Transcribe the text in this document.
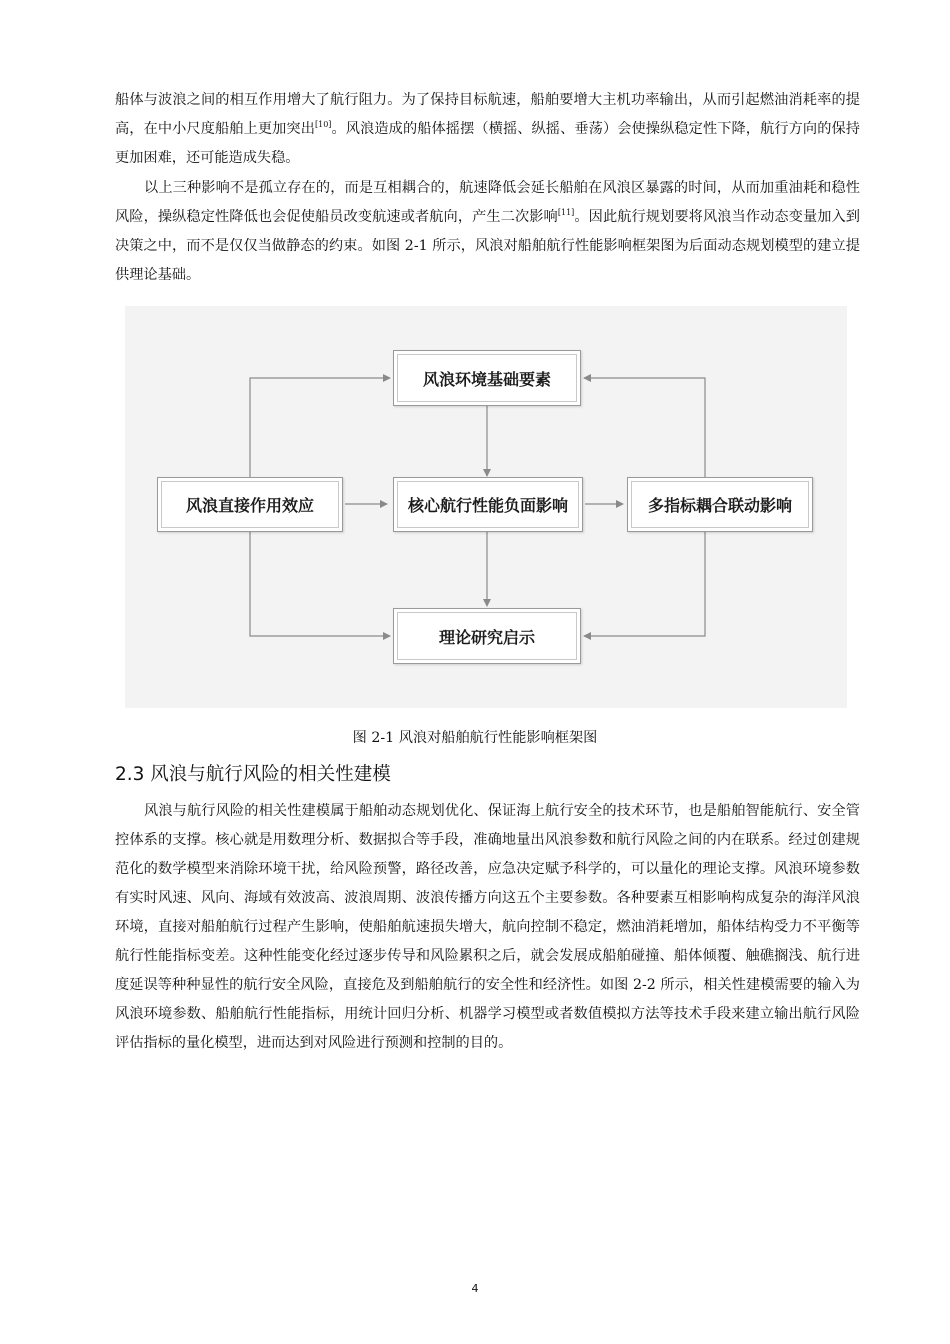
船体与波浪之间的相互作用增大了航行阻力。为了保持目标航速，船舶要增大主机功率输出，从而引起燃油消耗率的提高，在中小尺度船舶上更加突出[10]。风浪造成的船体摇摆（横摇、纵摇、垂荡）会使操纵稳定性下降，航行方向的保持更加困难，还可能造成失稳。

以上三种影响不是孤立存在的，而是互相耦合的，航速降低会延长船舶在风浪区暴露的时间，从而加重油耗和稳性风险，操纵稳定性降低也会促使船员改变航速或者航向，产生二次影响[11]。因此航行规划要将风浪当作动态变量加入到决策之中，而不是仅仅当做静态的约束。如图 2-1 所示，风浪对船舶航行性能影响框架图为后面动态规划模型的建立提供理论基础。

风浪环境基础要素
风浪直接作用效应	核心航行性能负面影响	多指标耦合联动影响
理论研究启示
图 2-1 风浪对船舶航行性能影响框架图
2.3 风浪与航行风险的相关性建模

风浪与航行风险的相关性建模属于船舶动态规划优化、保证海上航行安全的技术环节，也是船舶智能航行、安全管控体系的支撑。核心就是用数理分析、数据拟合等手段，准确地量出风浪参数和航行风险之间的内在联系。经过创建规范化的数学模型来消除环境干扰，给风险预警，路径改善，应急决定赋予科学的，可以量化的理论支撑。风浪环境参数有实时风速、风向、海域有效波高、波浪周期、波浪传播方向这五个主要参数。各种要素互相影响构成复杂的海洋风浪环境，直接对船舶航行过程产生影响，使船舶航速损失增大，航向控制不稳定，燃油消耗增加，船体结构受力不平衡等航行性能指标变差。这种性能变化经过逐步传导和风险累积之后，就会发展成船舶碰撞、船体倾覆、触礁搁浅、航行进度延误等种种显性的航行安全风险，直接危及到船舶航行的安全性和经济性。如图 2-2 所示，相关性建模需要的输入为风浪环境参数、船舶航行性能指标，用统计回归分析、机器学习模型或者数值模拟方法等技术手段来建立输出航行风险评估指标的量化模型，进而达到对风险进行预测和控制的目的。

4
